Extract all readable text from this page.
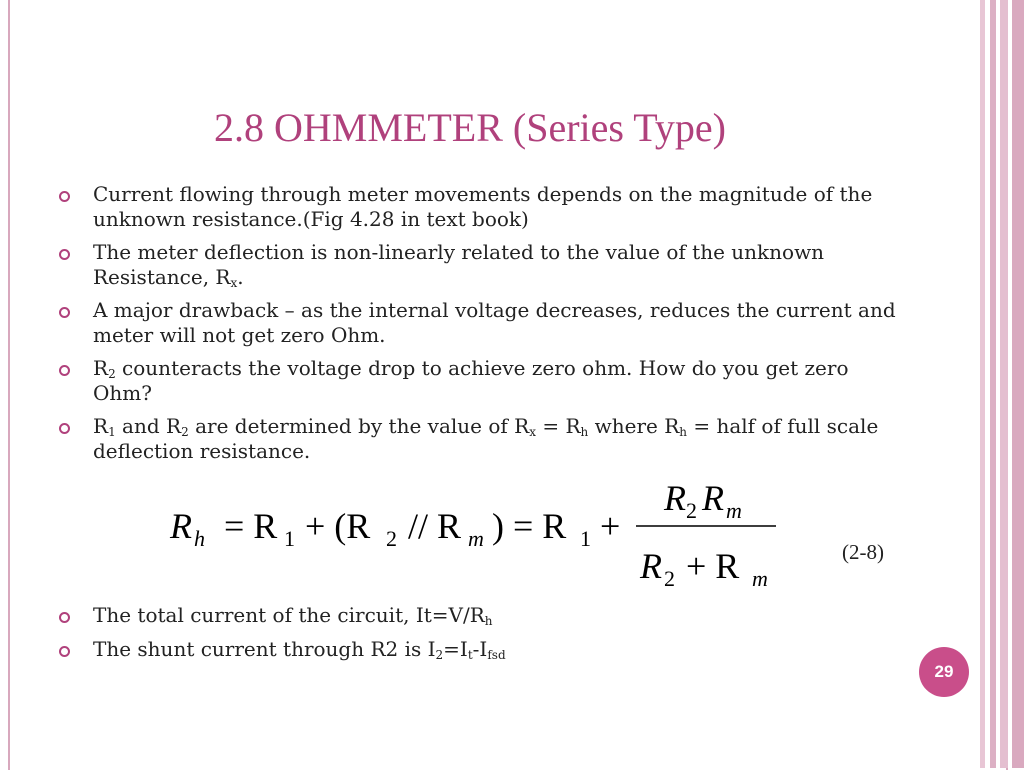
2.8 OHMMETER (Series Type)
Current flowing through meter movements depends on the magnitude of the unknown resistance.(Fig 4.28 in text book)
The meter deflection is non-linearly related to the value of the unknown Resistance, $R_x$.
A major drawback – as the internal voltage decreases, reduces the current and meter will not get zero Ohm.
$R_2$ counteracts the voltage drop to achieve zero ohm. How do you get zero Ohm?
$R_1$ and $R_2$ are determined by the value of $R_x = R_h$ where $R_h$ = half of full scale deflection resistance.
R h = R 1 + (R 2 // R m ) = R 1 +
R 2 R m
R 2 + R m
(2-8)
The total current of the circuit, $It=V/R_h$
The shunt current through R2 is $I_2=I_t-I_{fsd}$
29
